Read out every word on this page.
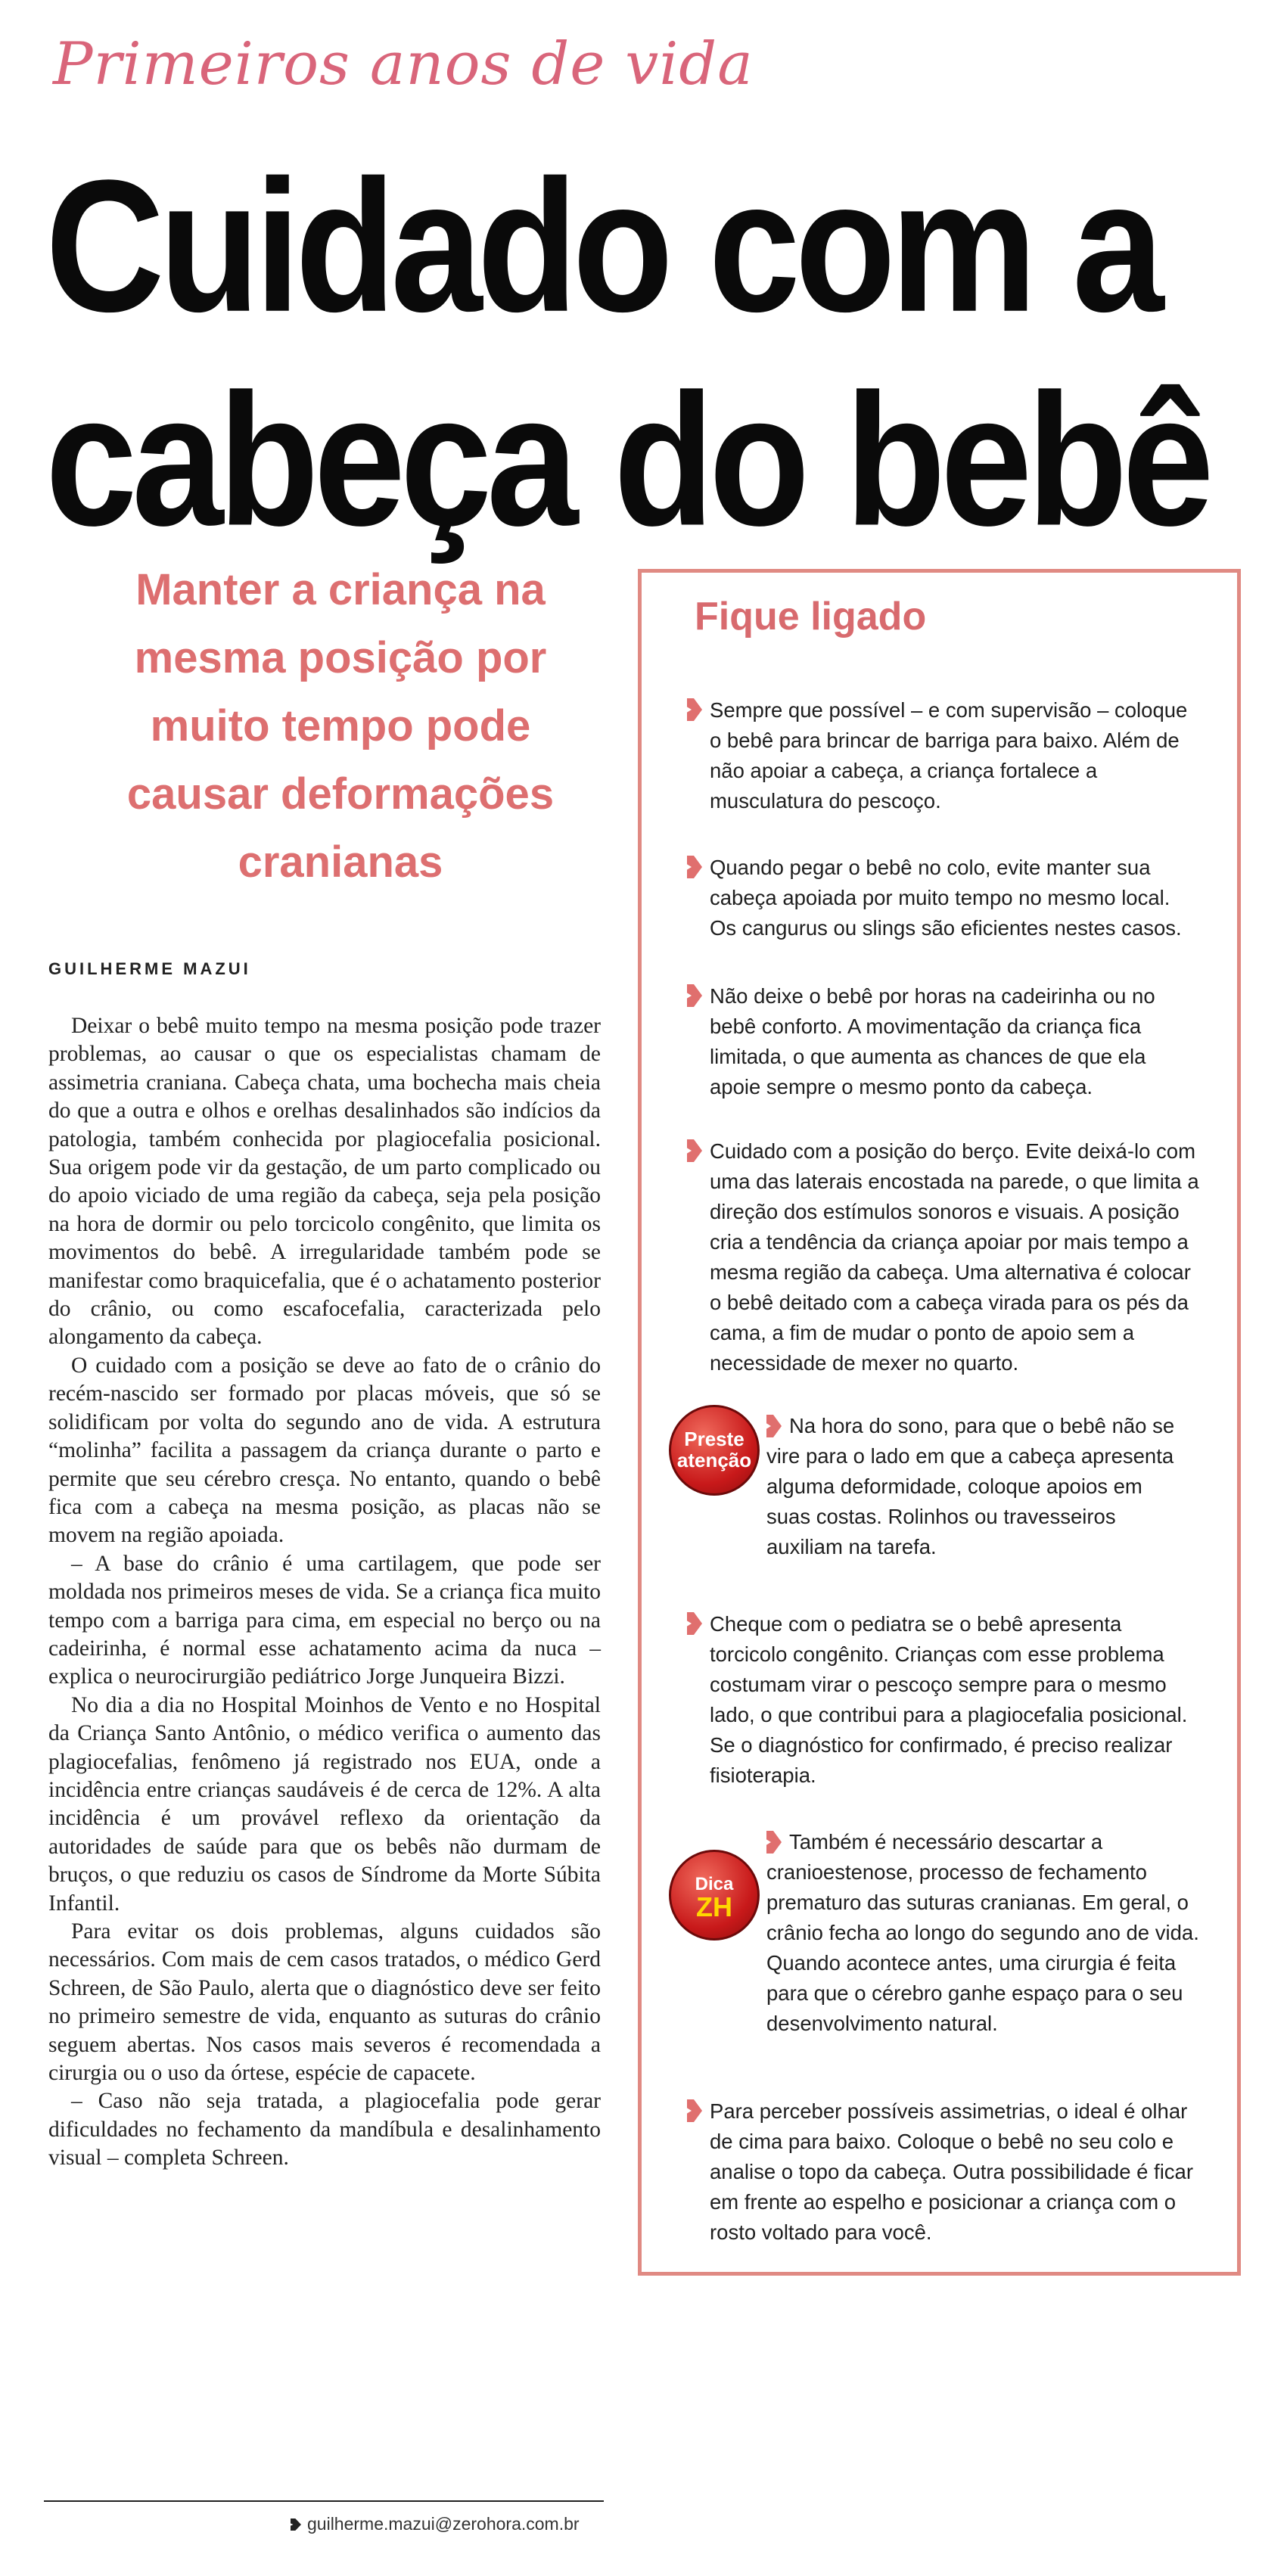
Primeiros anos de vida
Cuidado com a
cabeça do bebê
Manter a criança na
mesma posição por
muito tempo pode
causar deformações
cranianas
GUILHERME MAZUI

Deixar o bebê muito tempo na mesma posição pode trazer problemas, ao causar o que os especialistas chamam de assimetria craniana. Cabeça chata, uma bochecha mais cheia do que a outra e olhos e orelhas desalinhados são indícios da patologia, também conhecida por plagiocefalia posicional. Sua origem pode vir da gestação, de um parto complicado ou do apoio viciado de uma região da cabeça, seja pela posição na hora de dormir ou pelo torcicolo congênito, que limita os movimentos do bebê. A irregularidade também pode se manifestar como braquicefalia, que é o achatamento posterior do crânio, ou como escafocefalia, caracterizada pelo alongamento da cabeça.

O cuidado com a posição se deve ao fato de o crânio do recém-nascido ser formado por placas móveis, que só se solidificam por volta do segundo ano de vida. A estrutura “molinha” facilita a passagem da criança durante o parto e permite que seu cérebro cresça. No entanto, quando o bebê fica com a cabeça na mesma posição, as placas não se movem na região apoiada.

– A base do crânio é uma cartilagem, que pode ser moldada nos primeiros meses de vida. Se a criança fica muito tempo com a barriga para cima, em especial no berço ou na cadeirinha, é normal esse achatamento acima da nuca – explica o neurocirurgião pediátrico Jorge Junqueira Bizzi.

No dia a dia no Hospital Moinhos de Vento e no Hospital da Criança Santo Antônio, o médico verifica o aumento das plagiocefalias, fenômeno já registrado nos EUA, onde a incidência entre crianças saudáveis é de cerca de 12%. A alta incidência é um provável reflexo da orientação da autoridades de saúde para que os bebês não durmam de bruços, o que reduziu os casos de Síndrome da Morte Súbita Infantil.

Para evitar os dois problemas, alguns cuidados são necessários. Com mais de cem casos tratados, o médico Gerd Schreen, de São Paulo, alerta que o diagnóstico deve ser feito no primeiro semestre de vida, enquanto as suturas do crânio seguem abertas. Nos casos mais severos é recomendada a cirurgia ou o uso da órtese, espécie de capacete.

– Caso não seja tratada, a plagiocefalia pode gerar dificuldades no fechamento da mandíbula e desalinhamento visual – completa Schreen.

guilherme.mazui@zerohora.com.br
Fique ligado
Sempre que possível – e com supervisão – coloque o bebê para brincar de barriga para baixo. Além de não apoiar a cabeça, a criança fortalece a musculatura do pescoço.
Quando pegar o bebê no colo, evite manter sua cabeça apoiada por muito tempo no mesmo local. Os cangurus ou slings são eficientes nestes casos.
Não deixe o bebê por horas na cadeirinha ou no bebê conforto. A movimentação da criança fica limitada, o que aumenta as chances de que ela apoie sempre o mesmo ponto da cabeça.
Cuidado com a posição do berço. Evite deixá-lo com uma das laterais encostada na parede, o que limita a direção dos estímulos sonoros e visuais. A posição cria a tendência da criança apoiar por mais tempo a mesma região da cabeça. Uma alternativa é colocar o bebê deitado com a cabeça virada para os pés da cama, a fim de mudar o ponto de apoio sem a necessidade de mexer no quarto.
Preste
atenção
Na hora do sono, para que o bebê não se vire para o lado em que a cabeça apresenta alguma deformidade, coloque apoios em suas costas. Rolinhos ou travesseiros auxiliam na tarefa.
Cheque com o pediatra se o bebê apresenta torcicolo congênito. Crianças com esse problema costumam virar o pescoço sempre para o mesmo lado, o que contribui para a plagiocefalia posicional. Se o diagnóstico for confirmado, é preciso realizar fisioterapia.
Dica
ZH
Também é necessário descartar a cranioestenose, processo de fechamento prematuro das suturas cranianas. Em geral, o crânio fecha ao longo do segundo ano de vida. Quando acontece antes, uma cirurgia é feita para que o cérebro ganhe espaço para o seu desenvolvimento natural.
Para perceber possíveis assimetrias, o ideal é olhar de cima para baixo. Coloque o bebê no seu colo e analise o topo da cabeça. Outra possibilidade é ficar em frente ao espelho e posicionar a criança com o rosto voltado para você.
